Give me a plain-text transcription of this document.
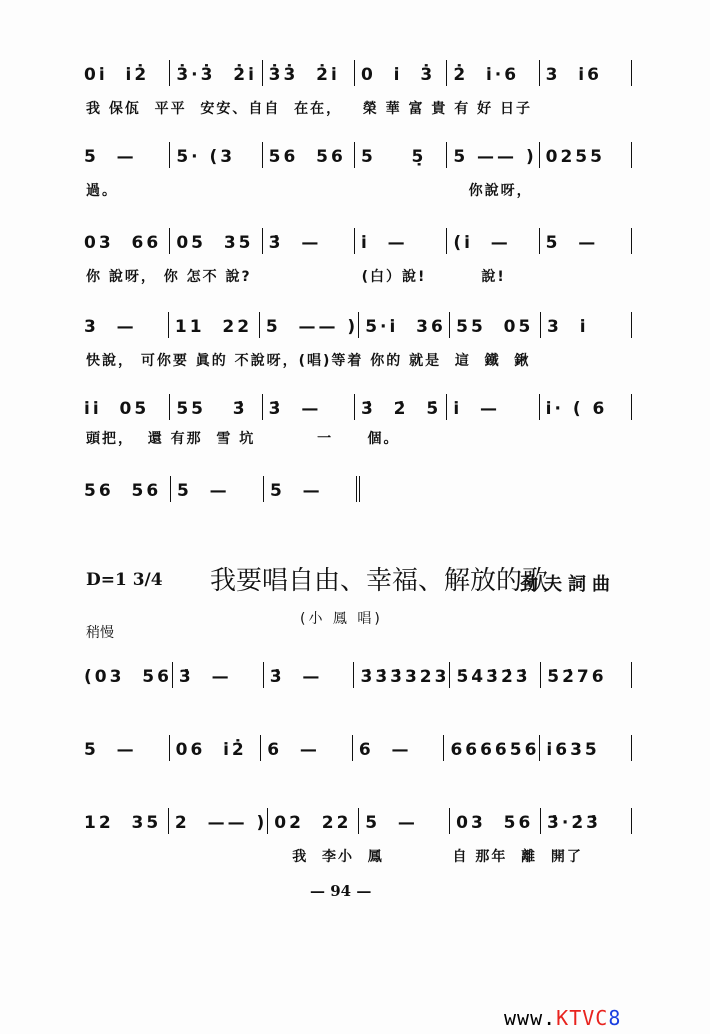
0i̇  i̇2̇	3̇·3̇  2̇i̇ 3̇3̇  2̇i̇	0  i̇  3̇	2̇  i̇·6	3  i̇6
我 保佤  平平  安安、自自  在在，   榮 華 富 貴 有 好 日子
5  —	5· (3	56  56 5    5̣	5 —— ) 0255
過。                                                   你說呀，
03  66 05  35 3̇  —	i̇  —	(i̇  —	5  —
你 說呀， 你 怎不 說?                (白）說!        說!
3  —	11  22 5  —— ) 5·i̇  36 55  05 3  i̇
快說， 可你要 眞的 不說呀，(唱)等着 你的 就是  這  鐵  鍬
i̇i̇  05	55   3̇	3̇  —	3̇  2̇  5̇ i̇  —	i̇· ( 6
頭把，  還 有那  雪 坑         一     個。
56  56 5  —	5  —
(03  56 3̇  —	3̇  —	3̇3̇3̇323 5̇4̇3̇2̇3̇ 5̇2̇76
5  —	06  i̇2̇	6  —	6  —	666656 i̇635
12  35 2  —— ) 02  22 5  —	03  56 3̇·2̇3̇
我  李小  鳳          自 那年  離  開了
D=1 3/4 我要唱自由、幸福、解放的歌
劲夫詞曲
(小 鳳 唱)
稍慢
— 94 —
www.KTVC8
